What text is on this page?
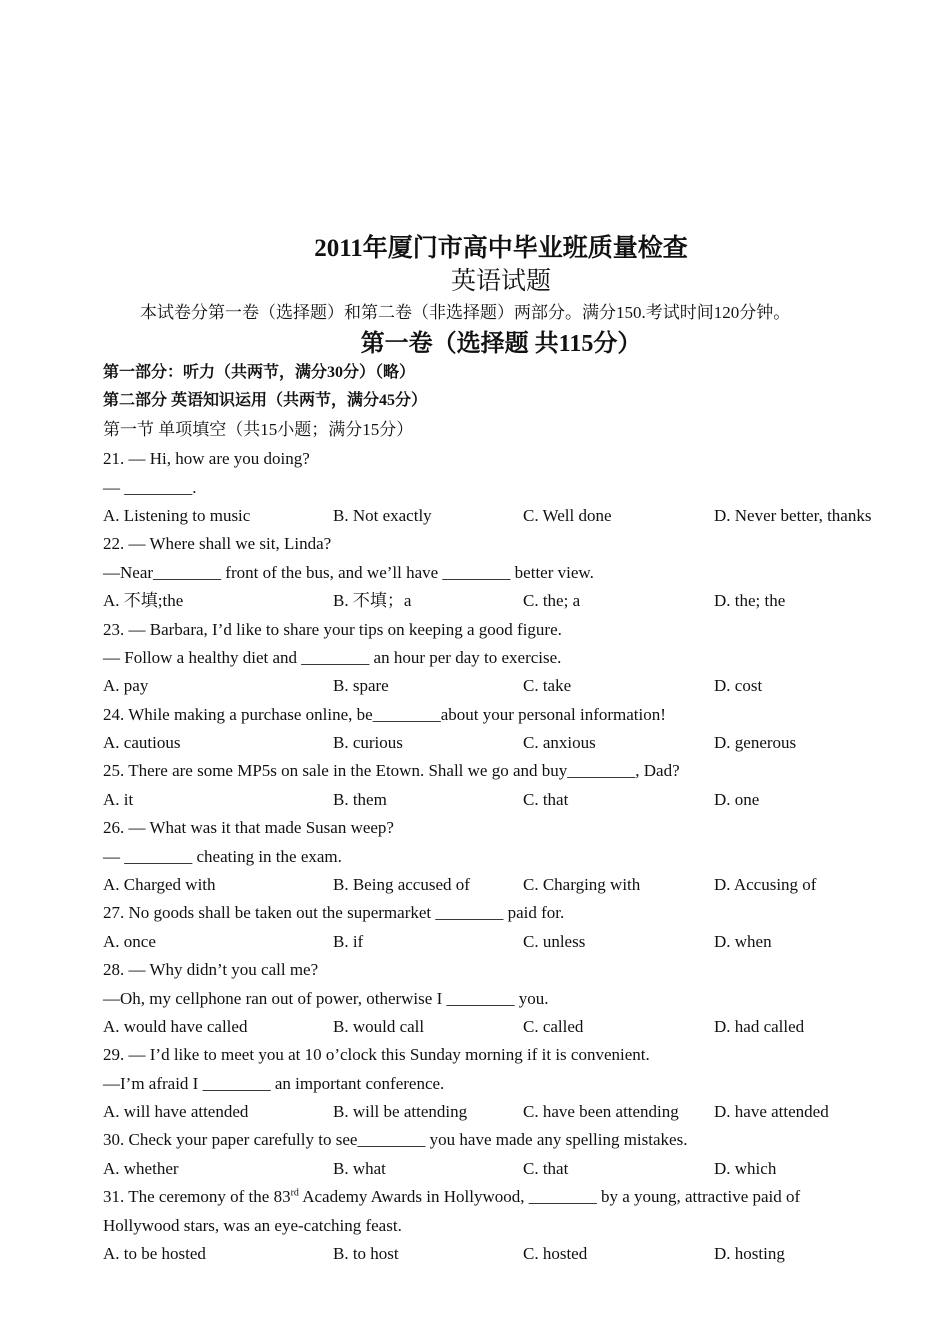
2011年厦门市高中毕业班质量检查
英语试题
本试卷分第一卷（选择题）和第二卷（非选择题）两部分。满分150.考试时间120分钟。
第一卷（选择题 共115分）
第一部分：听力（共两节，满分30分）（略）
第二部分 英语知识运用（共两节，满分45分）
第一节 单项填空（共15小题；满分15分）
21. — Hi, how are you doing?
— ________.
A. Listening to music	B. Not exactly	C. Well done	D. Never better, thanks
22. — Where shall we sit, Linda?
—Near________ front of the bus, and we’ll have ________ better view.
A. 不填;the	B. 不填；a	C. the; a	D. the; the
23. — Barbara, I’d like to share your tips on keeping a good figure.
— Follow a healthy diet and ________ an hour per day to exercise.
A. pay	B. spare	C. take	D. cost
24. While making a purchase online, be________about your personal information!
A. cautious	B. curious	C. anxious	D. generous
25. There are some MP5s on sale in the Etown. Shall we go and buy________, Dad?
A. it	B. them	C. that	D. one
26. — What was it that made Susan weep?
— ________ cheating in the exam.
A. Charged with	B. Being accused of	C. Charging with	D. Accusing of
27. No goods shall be taken out the supermarket ________ paid for.
A. once	B. if	C. unless	D. when
28. — Why didn’t you call me?
—Oh, my cellphone ran out of power, otherwise I ________ you.
A. would have called	B. would call	C. called	D. had called
29. — I’d like to meet you at 10 o’clock this Sunday morning if it is convenient.
—I’m afraid I ________ an important conference.
A. will have attended	B. will be attending	C. have been attending D. have attended
30. Check your paper carefully to see________ you have made any spelling mistakes.
A. whether	B. what	C. that	D. which
31. The ceremony of the 83rd Academy Awards in Hollywood, ________ by a young, attractive paid of
Hollywood stars, was an eye-catching feast.
A. to be hosted	B. to host	C. hosted	D. hosting
